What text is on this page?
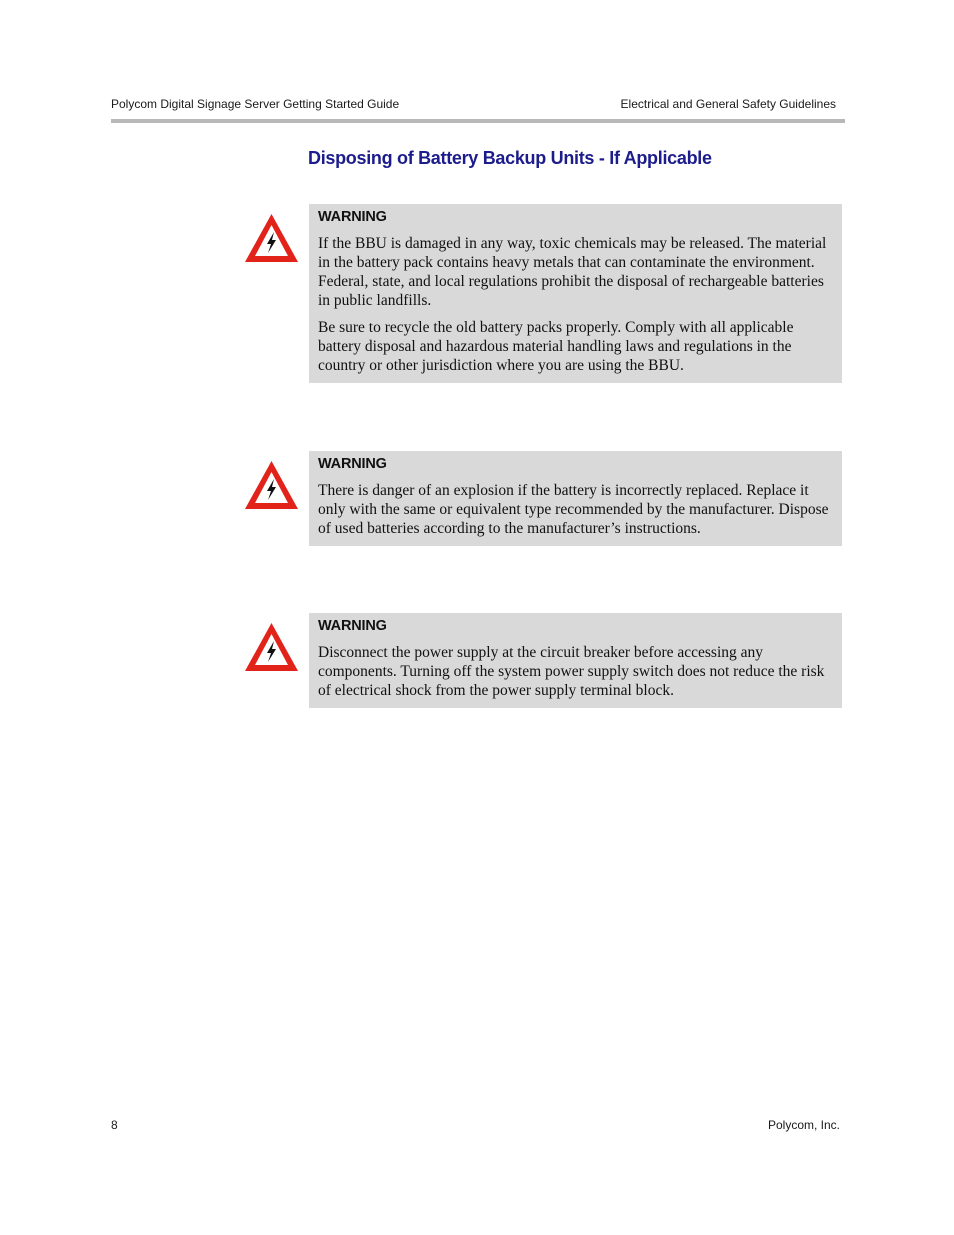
Polycom Digital Signage Server Getting Started Guide	Electrical and General Safety Guidelines
Disposing of Battery Backup Units - If Applicable
WARNING

If the BBU is damaged in any way, toxic chemicals may be released. The material in the battery pack contains heavy metals that can contaminate the environment. Federal, state, and local regulations prohibit the disposal of rechargeable batteries in public landfills.

Be sure to recycle the old battery packs properly. Comply with all applicable battery disposal and hazardous material handling laws and regulations in the country or other jurisdiction where you are using the BBU.

WARNING

There is danger of an explosion if the battery is incorrectly replaced. Replace it only with the same or equivalent type recommended by the manufacturer. Dispose of used batteries according to the manufacturer’s instructions.

WARNING

Disconnect the power supply at the circuit breaker before accessing any components. Turning off the system power supply switch does not reduce the risk of electrical shock from the power supply terminal block.

8	Polycom, Inc.
